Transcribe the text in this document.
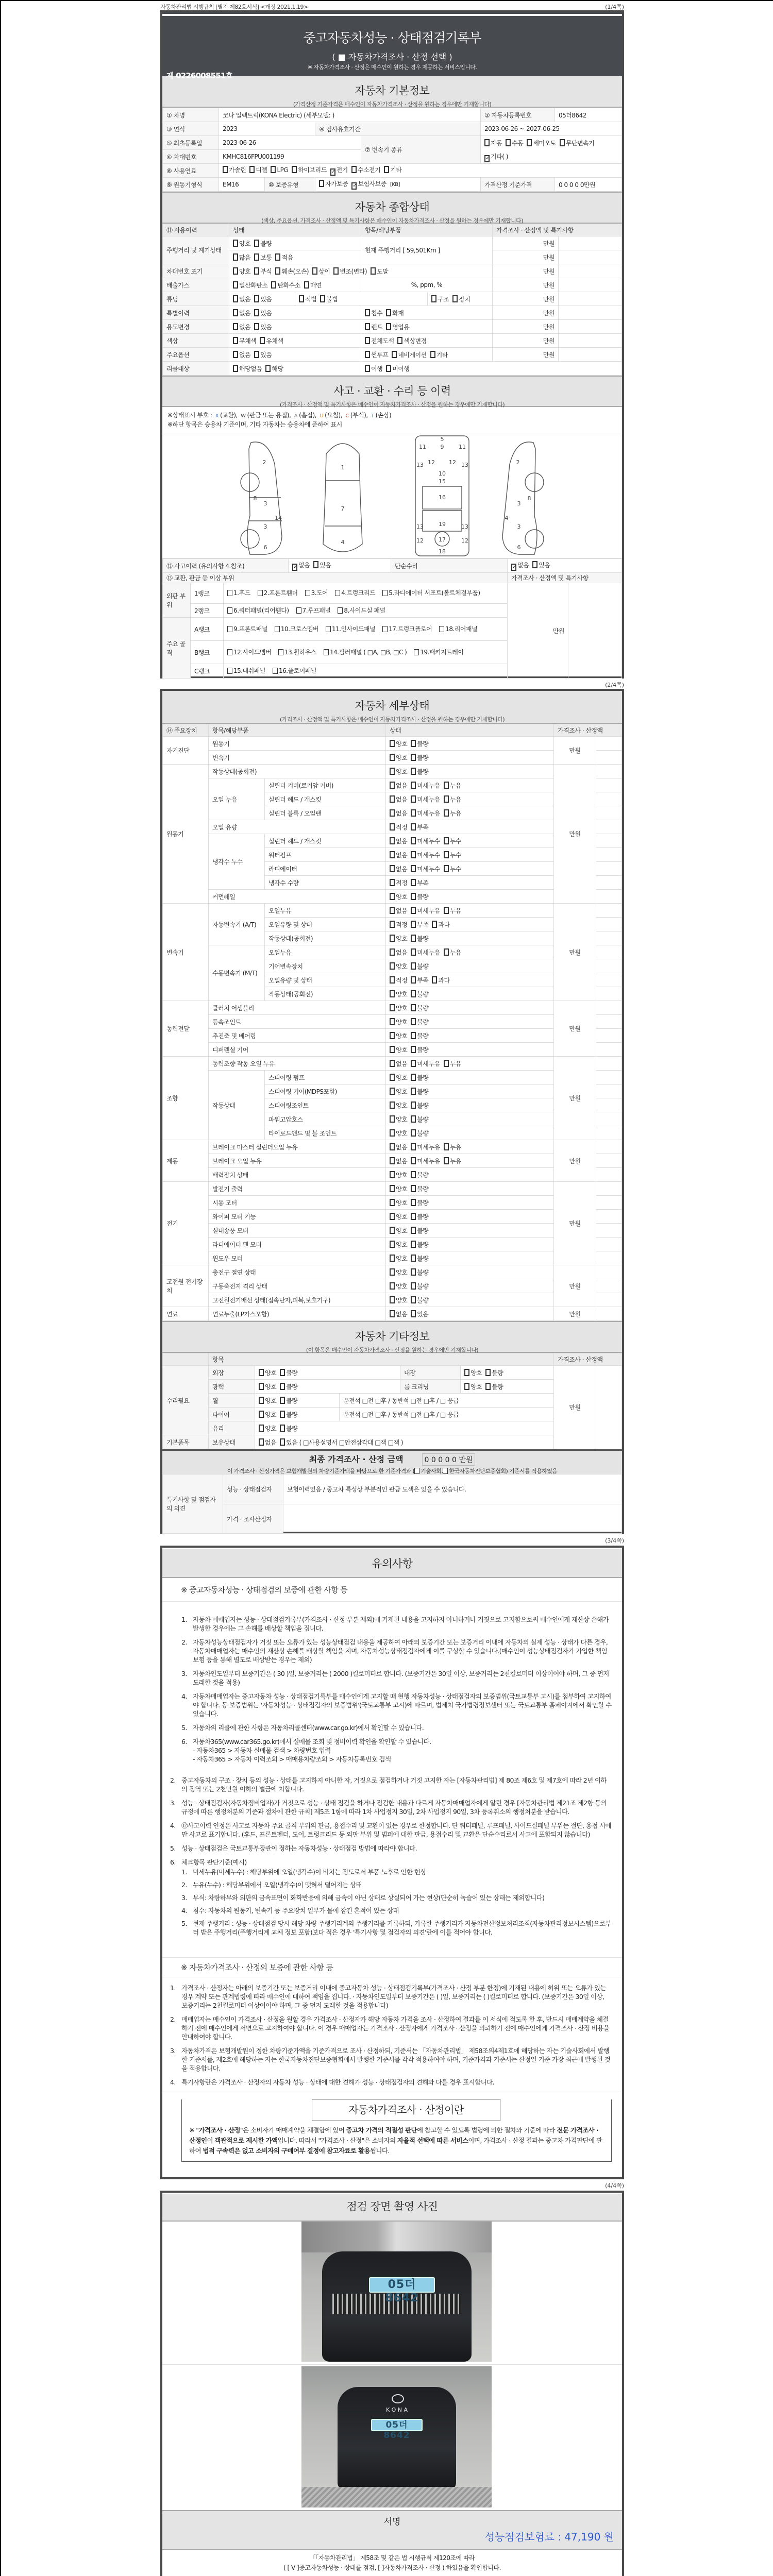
자동차관리법 시행규칙 [별지 제82호서식] <개정 2021.1.19>	(1/4쪽)
중고자동차성능 · 상태점검기록부
( ■ 자동차가격조사 · 산정 선택 )
※ 자동차가격조사 · 산정은 매수인이 원하는 경우 제공하는 서비스입니다.
제 0226008551호
자동차 기본정보
(가격산정 기준가격은 매수인이 자동차가격조사 · 산정을 원하는 경우에만 기재합니다)
① 차명	코나 일렉트릭(KONA Electric) (세부모델: )				② 자동차등록번호	05더8642
③ 연식	2023		④ 검사유효기간		2023-06-26 ~ 2027-06-25	
⑤ 최초등록일	2023-06-26			⑦ 변속기 종류	자동 수동 세미오토 무단변속기✓ 기타( )	
⑥ 차대번호	KMHC816FPU001199					
⑧ 사용연료	가솔린 디젤 LPG 하이브리드 ✓ 전기 수소전기 기타					
⑨ 원동기형식	EM16	⑩ 보증유형	자가보증 ✓ 보험사보증 [KB]		가격산정 기준가격	0 0 0 0 0만원
자동차 종합상태
(색상, 주요옵션, 가격조사 · 산정액 및 특기사항은 매수인이 자동차가격조사 · 산정을 원하는 경우에만 기재합니다)
⑪ 사용이력	상태		항목/해당부품		가격조사 · 산정액 및 특기사항	
주행거리 및 계기상태	양호 불량		현재 주행거리 [ 59,501Km ]		만원	
	많음 보통 적음				만원	
차대번호 표기	양호 부식 훼손(오손) 상이 변조(변타) 도말				만원	
배출가스	일산화탄소 탄화수소 매연		%, ppm, %		만원	
튜닝	없음 있음	적법 불법		구조 장치	만원	
특별이력	없음 있음		침수 화재		만원	
용도변경	없음 있음		렌트 영업용		만원	
색상	무채색 유채색		전체도색 색상변경		만원	
주요옵션	없음 있음		썬루프 네비게이션 기타		만원	
리콜대상	해당없음 해당		이행 미이행			
사고 · 교환 · 수리 등 이력
(가격조사 · 산정액 및 특기사항은 매수인이 자동차가격조사 · 산정을 원하는 경우에만 기재합니다)
※상태표시 부호 : X (교환), W (판금 또는 용접), A (흠집), U (요철), C (부식), T (손상)
※하단 항목은 승용차 기준이며, 기타 자동차는 승용차에 준하여 표시
2
8
3
3
14
6
1
7
4
5
9
11	11
13	13
12 12
10
15
16
13	13
19
12	12
17
18
2
3
8
4
3
6
⑫ 사고이력 (유의사항 4.참조)			✓ 없음 있음	단순수리	✓ 없음 있음	
⑬ 교환, 판금 등 이상 부위					가격조사 · 산정액 및 특기사항	
외판 부위	1랭크	1.후드 2.프론트휀더 3.도어 4.트렁크리드 5.라디에이터 서포트(볼트체결부품)			만원	
	2랭크	6.쿼터패널(리어휀다) 7.루프패널 8.사이드실 패널				
주요 골격	A랭크	9.프론트패널 10.크로스멤버 11.인사이드패널 17.트렁크플로어 18.리어패널				
	B랭크	12.사이드멤버 13.휠하우스 14.필러패널 ( □A, □B, □C ) 19.패키지트레이				
	C랭크	15.대쉬패널 16.플로어패널				
(2/4쪽)
자동차 세부상태
(가격조사 · 산정액 및 특기사항은 매수인이 자동차가격조사 · 산정을 원하는 경우에만 기재합니다)
⑭ 주요장치	항목/해당부품		상태	가격조사 · 산정액	
자기진단	원동기		양호 불량	만원	
	변속기		양호 불량		
원동기	작동상태(공회전)		양호 불량	만원	
	오일 누유	실린더 커버(로커암 커버)	없음 미세누유 누유		
		실린더 헤드 / 개스킷	없음 미세누유 누유		
		실린더 블록 / 오일팬	없음 미세누유 누유		
	오일 유량		적정 부족		
	냉각수 누수	실린더 헤드 / 개스킷	없음 미세누수 누수		
		워터펌프	없음 미세누수 누수		
		라디에이터	없음 미세누수 누수		
		냉각수 수량	적정 부족		
	커먼레일		양호 불량		
변속기	자동변속기 (A/T)	오일누유	없음 미세누유 누유	만원	
		오일유량 및 상태	적정 부족 과다		
		작동상태(공회전)	양호 불량		
	수동변속기 (M/T)	오일누유	없음 미세누유 누유		
		기어변속장치	양호 불량		
		오일유량 및 상태	적정 부족 과다		
		작동상태(공회전)	양호 불량		
동력전달	클러치 어셈블리		양호 불량	만원	
	등속조인트		양호 불량		
	추진축 및 베어링		양호 불량		
	디퍼렌셜 기어		양호 불량		
조향	동력조향 작동 오일 누유		없음 미세누유 누유	만원	
	작동상태	스티어링 펌프	양호 불량		
		스티어링 기어(MDPS포함)	양호 불량		
		스티어링조인트	양호 불량		
		파워고압호스	양호 불량		
		타이로드엔드 및 볼 조인트	양호 불량		
제동	브레이크 마스터 실린더오일 누유		없음 미세누유 누유	만원	
	브레이크 오일 누유		없음 미세누유 누유		
	배력장치 상태		양호 불량		
전기	발전기 출력		양호 불량	만원	
	시동 모터		양호 불량		
	와이퍼 모터 기능		양호 불량		
	실내송풍 모터		양호 불량		
	라디에이터 팬 모터		양호 불량		
	윈도우 모터		양호 불량		
고전원 전기장치	충전구 절연 상태		양호 불량	만원	
	구동축전지 격리 상태		양호 불량		
	고전원전기배선 상태(접속단자,피복,보호기구)		양호 불량		
연료	연료누출(LP가스포함)		없음 있음	만원	
자동차 기타정보
(이 항목은 매수인이 자동차가격조사 · 산정을 원하는 경우에만 기재합니다)
	항목					가격조사 · 산정액	
수리필요	외장	양호 불량		내장	양호 불량	만원	
	광택	양호 불량		룸 크리닝	양호 불량		
	휠	양호 불량	운전석 □전 □후 / 동반석 □전 □후 / □ 응급				
	타이어	양호 불량	운전석 □전 □후 / 동반석 □전 □후 / □ 응급				
	유리	양호 불량					
기본품목	보유상태	없음 있음 ( □사용설명서 □안전삼각대 □잭 □잭 )					
최종 가격조사 · 산정 금액	0 0 0 0 0 만원
이 가격조사 · 산정가격은 보험개발원의 차량기준가액을 바탕으로 한 기준가격과 ( 기술사회, 한국자동차진단보증협회) 기준서를 적용하였음
특기사항 및 점검자의 의견	성능 · 상태점검자	보험이력있음 / 중고차 특성상 부분적인 판금 도색은 있을 수 있습니다.
	가격 · 조사산정자	
(3/4쪽)
유의사항
※ 중고자동차성능 · 상태점검의 보증에 관한 사항 등
1. 자동차 매매업자는 성능 · 상태점검기록부(가격조사 · 산정 부분 제외)에 기재된 내용을 고지하지 아니하거나 거짓으로 고지함으로써 매수인에게 재산상 손해가 발생한 경우에는 그 손해를 배상할 책임을 집니다.
2. 자동차성능상태점검자가 거짓 또는 오류가 있는 성능상태점검 내용을 제공하여 아래의 보증기간 또는 보증거리 이내에 자동차의 실제 성능 · 상태가 다른 경우, 자동차매매업자는 매수인의 재산상 손해를 배상할 책임을 지며, 자동차성능상태점검자에게 이를 구상할 수 있습니다.(매수인이 성능상태점검자가 가입한 책임보험 등을 통해 별도로 배상받는 경우는 제외)
3. 자동차인도일부터 보증기간은 ( 30 )일, 보증거리는 ( 2000 )킬로미터로 합니다. (보증기간은 30일 이상, 보증거리는 2천킬로미터 이상이어야 하며, 그 중 먼저 도래한 것을 적용)
4. 자동차매매업자는 중고자동차 성능 · 상태점검기록부를 매수인에게 고지할 때 현행 자동차성능 · 상태점검자의 보증범위(국토교통부 고시)를 첨부하여 고지하여야 합니다. 동 보증범위는 '자동차성능 · 상태점검자의 보증범위'(국토교통부 고시)에 따르며, 법제처 국가법령정보센터 또는 국토교통부 홈페이지에서 확인할 수 있습니다.
5. 자동차의 리콜에 관한 사항은 자동차리콜센터(www.car.go.kr)에서 확인할 수 있습니다.
6. 자동차365(www.car365.go.kr)에서 실매물 조회 및 정비이력 확인을 확인할 수 있습니다.
- 자동차365 > 자동차 실매물 검색 > 차량번호 입력
- 자동차365 > 자동차 이력조회 > 매매용차량조회 > 자동차등록번호 검색
2. 중고자동차의 구조 · 장치 등의 성능 · 상태를 고지하지 아니한 자, 거짓으로 점검하거나 거짓 고지한 자는 [자동차관리법] 제 80조 제6호 및 제7호에 따라 2년 이하의 징역 또는 2천만원 이하의 벌금에 처합니다.
3. 성능 · 상태점검자(자동차정비업자)가 거짓으로 성능 · 상태 점검을 하거나 점검한 내용과 다르게 자동차매매업자에게 알린 경우 [자동차관리법 제21조 제2항 등의 규정에 따른 행정처분의 기준과 절차에 관한 규칙] 제5조 1항에 따라 1차 사업정지 30일, 2차 사업정지 90일, 3차 등록취소의 행정처분을 받습니다.
4. ⑫사고이력 인정은 사고로 자동차 주요 골격 부위의 판금, 용접수리 및 교환이 있는 경우로 한정합니다. 단 쿼터패널, 루프패널, 사이드실패널 부위는 절단, 용접 시에만 사고로 표기합니다. (후드, 프론트펜더, 도어, 트렁크리드 등 외판 부위 및 범퍼에 대한 판금, 용접수리 및 교환은 단순수리로서 사고에 포함되지 않습니다)
5. 성능 · 상태점검은 국토교통부장관이 정하는 자동차성능 · 상태점검 방법에 따라야 합니다.
6. 체크항목 판단기준(예시)
1. 미세누유(미세누수) : 해당부위에 오일(냉각수)이 비치는 정도로서 부품 노후로 인한 현상
2. 누유(누수) : 해당부위에서 오일(냉각수)이 맺혀서 떨어지는 상태
3. 부식: 차량하부와 외판의 금속표면이 화학반응에 의해 금속이 아닌 상태로 상실되어 가는 현상(단순히 녹슬어 있는 상태는 제외합니다)
4. 침수: 자동차의 원동기, 변속기 등 주요장치 일부가 물에 잠긴 흔적이 있는 상태
5. 현재 주행거리 : 성능 · 상태점검 당시 해당 차량 주행거리계의 주행거리를 기록하되, 기록한 주행거리가 자동차전산정보처리조직(자동차관리정보시스템)으로부터 받은 주행거리(주행거리계 교체 정보 포함)보다 적은 경우 '특기사항 및 점검자의 의견'란에 이를 적어야 합니다.
※ 자동차가격조사 · 산정의 보증에 관한 사항 등
1. 가격조사 · 산정자는 아래의 보증기간 또는 보증거리 이내에 중고자동차 성능 · 상태점검기록부(가격조사 · 산정 부분 한정)에 기재된 내용에 허위 또는 오류가 있는 경우 계약 또는 관계법령에 따라 매수인에 대하여 책임을 집니다. · 자동차인도일부터 보증기간은 ( )일, 보증거리는 ( )킬로미터로 합니다. (보증기간은 30일 이상, 보증거리는 2천킬로미터 이상이어야 하며, 그 중 먼저 도래한 것을 적용합니다)
2. 매매업자는 매수인이 가격조사 · 산정을 원할 경우 가격조사 · 산정자가 해당 자동차 가격을 조사 · 산정하여 결과를 이 서식에 적도록 한 후, 반드시 매매계약을 체결하기 전에 매수인에게 서면으로 고지하여야 합니다. 이 경우 매매업자는 가격조사 · 산정자에게 가격조사 · 산정을 의뢰하기 전에 매수인에게 가격조사 · 산정 비용을 안내하여야 합니다.
3. 자동차가격은 보험개발원이 정한 차량기준가액을 기준가격으로 조사 · 산정하되, 기준서는 「자동차관리법」 제58조의4제1호에 해당하는 자는 기술사회에서 발행한 기준서를, 제2호에 해당하는 자는 한국자동차진단보증협회에서 발행한 기준서를 각각 적용하여야 하며, 기준가격과 기준서는 산정일 기준 가장 최근에 발행된 것을 적용합니다.
4. 특기사항란은 가격조사 · 산정자의 자동차 성능 · 상태에 대한 견해가 성능 · 상태점검자의 견해와 다를 경우 표시합니다.
자동차가격조사 · 산정이란
※ "가격조사 · 산정"은 소비자가 매매계약을 체결함에 있어 중고차 가격의 적절성 판단에 참고할 수 있도록 법령에 의한 절차와 기준에 따라 전문 가격조사 · 산정인이 객관적으로 제시한 가액입니다. 따라서 "가격조사 · 산정"은 소비자의 자율적 선택에 따른 서비스이며, 가격조사 · 산정 결과는 중고차 가격판단에 관하여 법적 구속력은 없고 소비자의 구매여부 결정에 참고자료로 활용됩니다.
(4/4쪽)
점검 장면 촬영 사진
05더 8642
K O N A
05더 8642
서명
성능점검보험료 : 47,190 원
「「자동차관리법」 제58조 및 같은 법 시행규칙 제120조에 따라
( [ V ]중고자동차성능 · 상태를 점검, [ ]자동차가격조사 · 산정 ) 하였음을 확인합니다.
